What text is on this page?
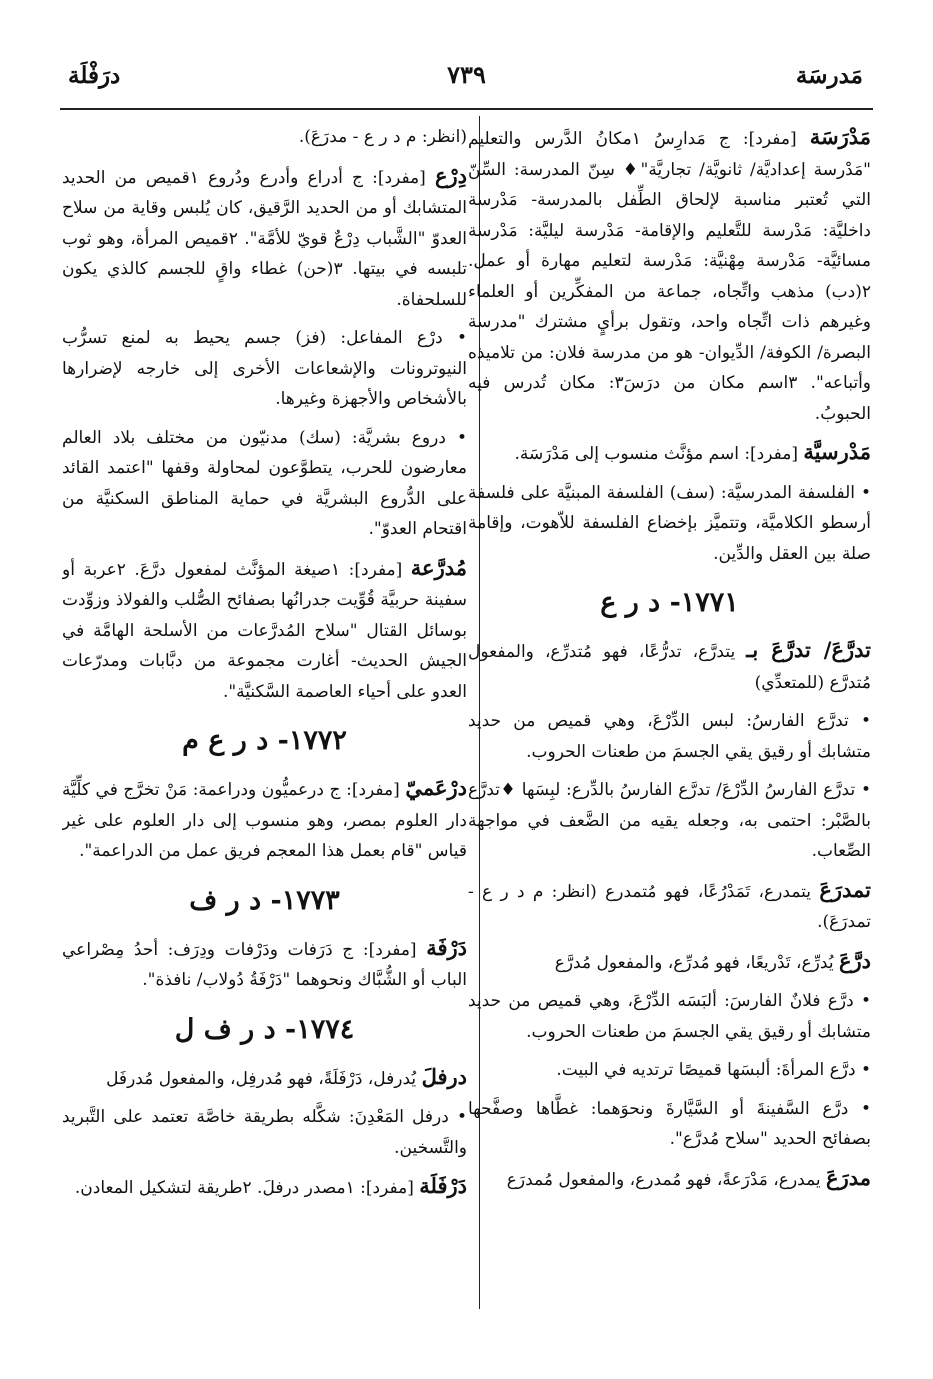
مَدرسَة
٧٣٩
درَفْلَة

مَدْرَسَة [مفرد]: ج مَدارِسُ ١مكانُ الدَّرس والتعليم "مَدْرسة إعداديَّة/ ثانويَّة/ تجاريَّة"♦ سِنّ المدرسة: السِّنّ التي تُعتبر مناسبة لإلحاق الطِّفل بالمدرسة- مَدْرسة داخليَّة: مَدْرسة للتَّعليم والإقامة- مَدْرسة ليليَّة: مَدْرسة مسائيَّة- مَدْرسة مِهْنيَّة: مَدْرسة لتعليم مهارة أو عمل. ٢(دب) مذهب واتِّجاه، جماعة من المفكِّرين أو العلماء وغيرهم ذات اتِّجاه واحد، وتقول برأيٍ مشترك "مدرسة البصرة/ الكوفة/ الدِّيوان- هو من مدرسة فلان: من تلاميذه وأتباعه". ٣اسم مكان من درَسَ٣: مكان تُدرس فيه الحبوبُ.

مَدْرسيَّة [مفرد]: اسم مؤنَّث منسوب إلى مَدْرَسَة.

• الفلسفة المدرسيَّة: (سف) الفلسفة المبنيَّة على فلسفة أرسطو الكلاميَّة، وتتميَّز بإخضاع الفلسفة للاّهوت، وإقامة صلة بين العقل والدِّين.

١٧٧١- د ر ع

تدرَّعَ/ تدرَّعَ بـ يتدرَّع، تدرُّعًا، فهو مُتدرِّع، والمفعول مُتدرَّع (للمتعدِّي)

• تدرَّع الفارسُ: لبس الدِّرْعَ، وهي قميص من حديد متشابك أو رقيق يقي الجسمَ من طعنات الحروب.

• تدرَّع الفارسُ الدِّرْعَ/ تدرَّع الفارسُ بالدِّرع: لبِسَها ♦تدرَّع بالصَّبْر: احتمى به، وجعله يقيه من الضَّعف في مواجهة الصِّعاب.

تمدرَعَ يتمدرع، تَمَدْرُعًا، فهو مُتمدرع (انظر: م د ر ع - تمدرَعَ).

درَّعَ يُدرِّع، تَدْريعًا، فهو مُدرِّع، والمفعول مُدرَّع

• درَّع فلانٌ الفارسَ: ألبَسَه الدِّرْعَ، وهي قميص من حديد متشابك أو رقيق يقي الجسمَ من طعنات الحروب.

• درَّع المرأةَ: ألبسَها قميصًا ترتديه في البيت.

• درَّع السَّفينةَ أو السَّيَّارةَ ونحوَهما: غطَّاها وصفَّحها بصفائح الحديد "سلاح مُدرَّع".

مدرَعَ يمدرع، مَدْرَعةً، فهو مُمدرع، والمفعول مُمدرَع

(انظر: م د ر ع - مدرَعَ).

دِرْع [مفرد]: ج أدراع وأدرع ودُروع ١قميص من الحديد المتشابك أو من الحديد الرَّقيق، كان يُلبس وقاية من سلاح العدوّ "الشَّباب دِرْعٌ قويّ للأمَّة". ٢قميص المرأة، وهو ثوب تلبسه في بيتها. ٣(حن) غطاء واقٍ للجسم كالذي يكون للسلحفاة.

• درْع المفاعل: (فز) جسم يحيط به لمنع تسرُّب النيوترونات والإشعاعات الأخرى إلى خارجه لإضرارها بالأشخاص والأجهزة وغيرها.

• دروع بشريَّة: (سك) مدنيّون من مختلف بلاد العالم معارضون للحرب، يتطوَّعون لمحاولة وقفها "اعتمد القائد على الدُّروع البشريَّة في حماية المناطق السكنيَّة من اقتحام العدوّ".

مُدرَّعة [مفرد]: ١صيغة المؤنَّث لمفعول درَّعَ. ٢عربة أو سفينة حربيَّة قُوِّيت جدرانُها بصفائح الصُّلب والفولاذ وزوِّدت بوسائل القتال "سلاح المُدرَّعات من الأسلحة الهامَّة في الجيش الحديث- أغارت مجموعة من دبَّابات ومدرّعات العدو على أحياء العاصمة السَّكنيَّة".

١٧٧٢- د ر ع م

درْعَميّ [مفرد]: ج درعميُّون ودراعمة: مَنْ تخرَّج في كلِّيَّة دار العلوم بمصر، وهو منسوب إلى دار العلوم على غير قياس "قام بعمل هذا المعجم فريق عمل من الدراعمة".

١٧٧٣- د ر ف

دَرْفَة [مفرد]: ج دَرَفات ودَرْفات ودِرَف: أحدُ مِصْراعي الباب أو الشُّبَّاك ونحوهما "دَرْفَةُ دُولاب/ نافذة".

١٧٧٤- د ر ف ل

درفلَ يُدرفل، دَرْفَلَةً، فهو مُدرفِل، والمفعول مُدرفَل

• درفل المَعْدِنَ: شكَّله بطريقة خاصَّة تعتمد على التَّبريد والتَّسخين.

دَرْفَلَة [مفرد]: ١مصدر درفلَ. ٢طريقة لتشكيل المعادن.
